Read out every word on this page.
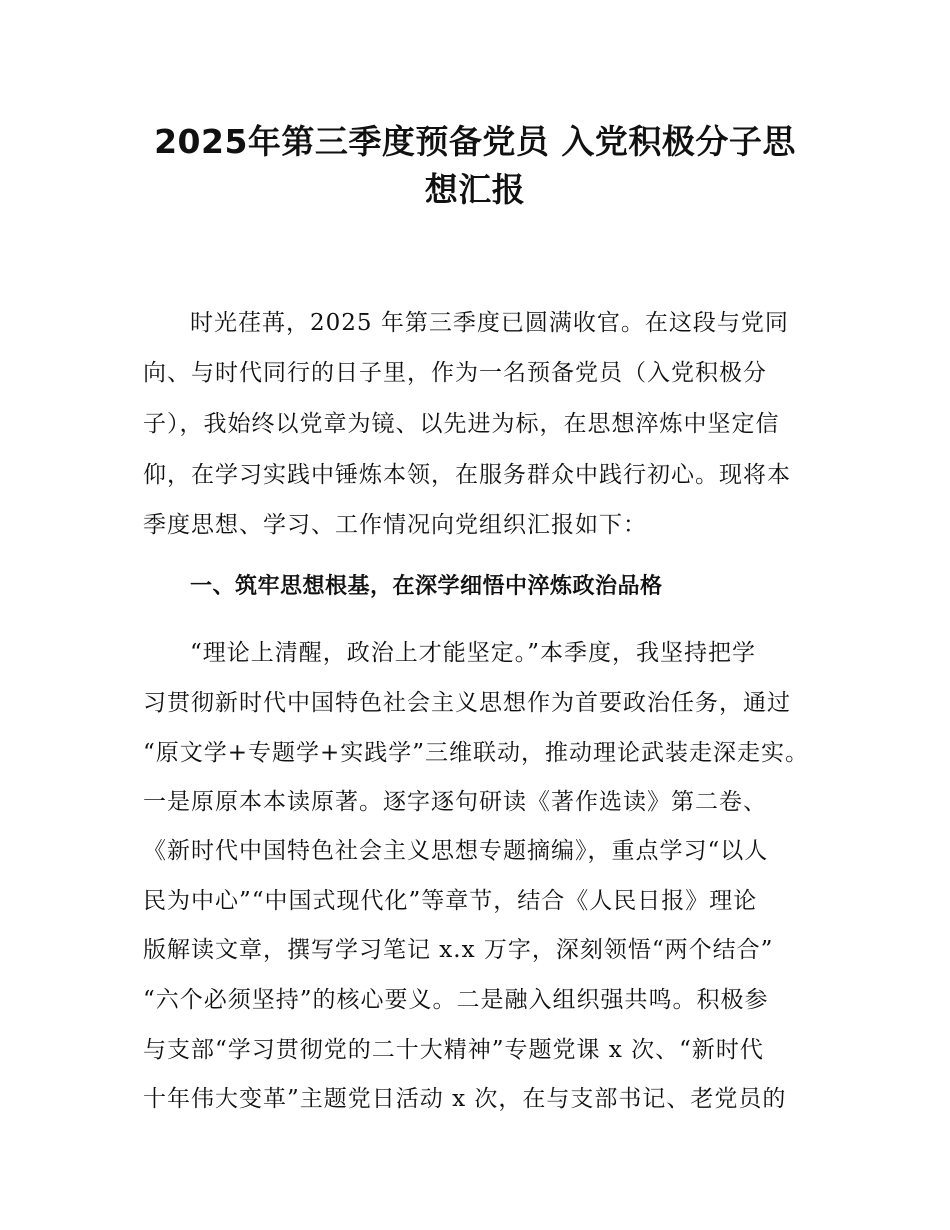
2025年第三季度预备党员 入党积极分子思
想汇报
时光荏苒，2025 年第三季度已圆满收官。在这段与党同
向、与时代同行的日子里，作为一名预备党员（入党积极分
子），我始终以党章为镜、以先进为标，在思想淬炼中坚定信
仰，在学习实践中锤炼本领，在服务群众中践行初心。现将本
季度思想、学习、工作情况向党组织汇报如下：
一、筑牢思想根基，在深学细悟中淬炼政治品格
“理论上清醒，政治上才能坚定。”本季度，我坚持把学
习贯彻新时代中国特色社会主义思想作为首要政治任务，通过
“原文学+专题学+实践学”三维联动，推动理论武装走深走实。
一是原原本本读原著。逐字逐句研读《著作选读》第二卷、
《新时代中国特色社会主义思想专题摘编》，重点学习“以人
民为中心”“中国式现代化”等章节，结合《人民日报》理论
版解读文章，撰写学习笔记 x.x 万字，深刻领悟“两个结合”
“六个必须坚持”的核心要义。二是融入组织强共鸣。积极参
与支部“学习贯彻党的二十大精神”专题党课 x 次、“新时代
十年伟大变革”主题党日活动 x 次，在与支部书记、老党员的
